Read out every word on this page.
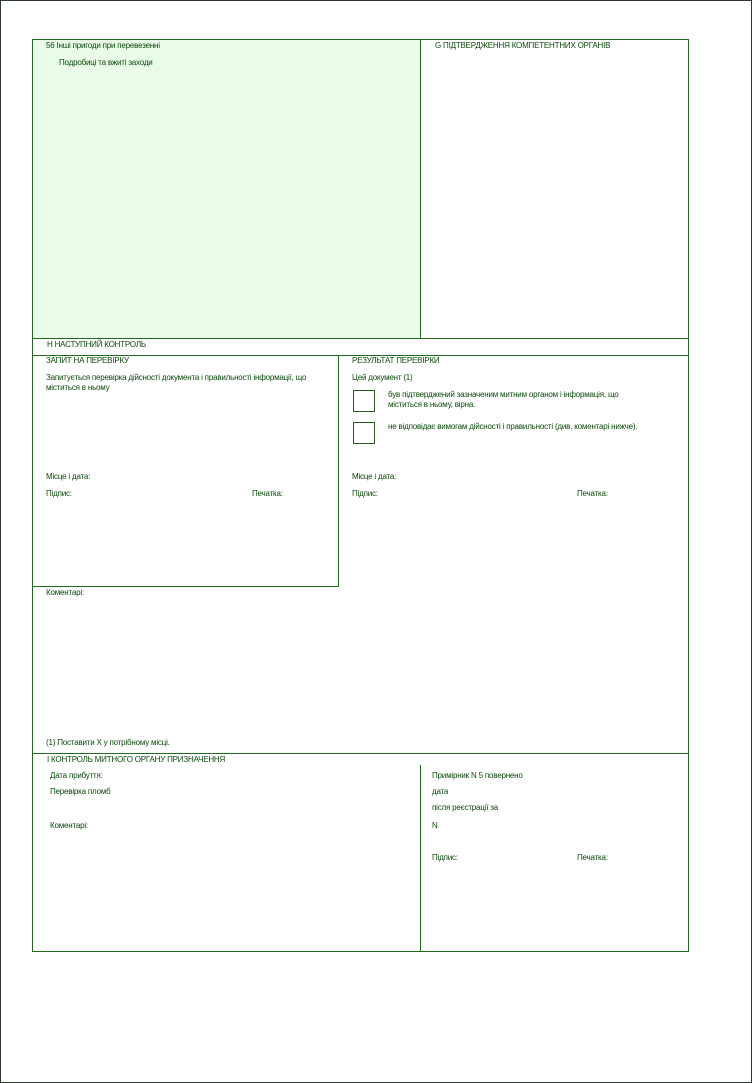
56 Інші пригоди при перевезенні
Подробиці та вжиті заходи
G ПІДТВЕРДЖЕННЯ КОМПЕТЕНТНИХ ОРГАНІВ
H НАСТУПНИЙ КОНТРОЛЬ
ЗАПИТ НА ПЕРЕВІРКУ
Запитується перевірка дійсності документа і правильності інформації, що міститься в ньому
Місце і дата:
Підпис:	Печатка:
РЕЗУЛЬТАТ ПЕРЕВІРКИ
Цей документ (1)
був підтверджений зазначеним митним органом і інформація, що міститься в ньому, вірна.
не відповідає вимогам дійсності і правильності (див. коментарі нижче).
Місце і дата:
Підпис:	Печатка:
Коментарі:
(1) Поставити X у потрібному місці.
I КОНТРОЛЬ МИТНОГО ОРГАНУ ПРИЗНАЧЕННЯ
Дата прибуття:
Перевірка пломб
Коментарі:
Примірник N 5 повернено
дата
після реєстрації за
N
Підпис:	Печатка:
